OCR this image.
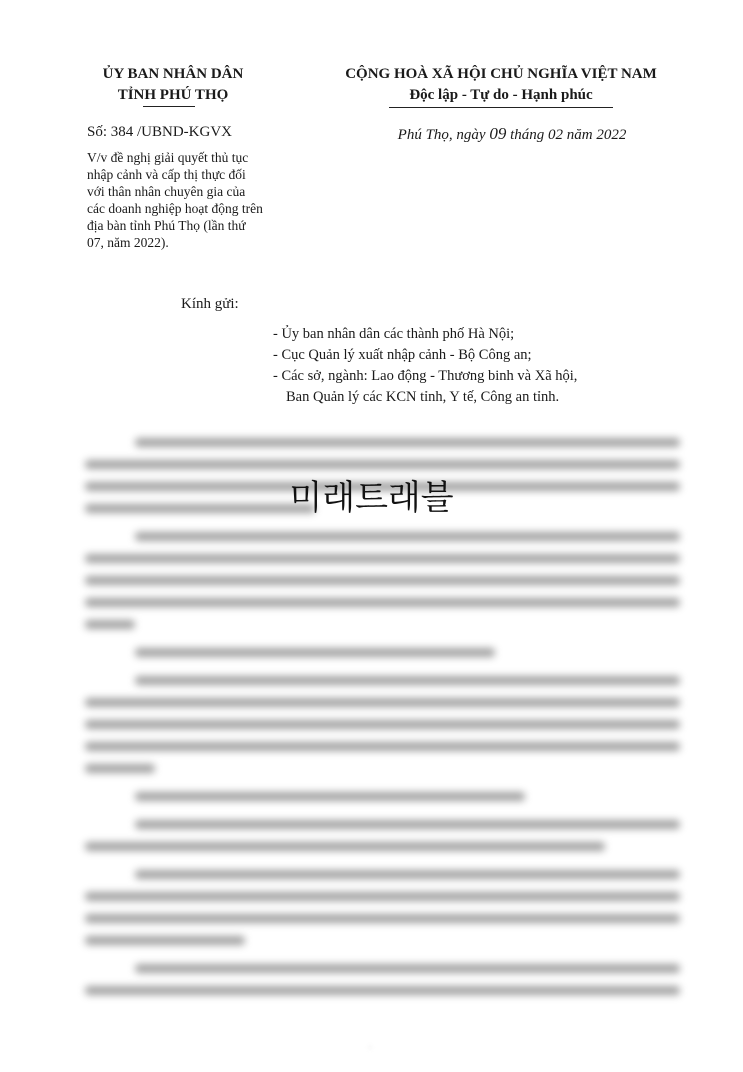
ỦY BAN NHÂN DÂN
TỈNH PHÚ THỌ
CỘNG HOÀ XÃ HỘI CHỦ NGHĨA VIỆT NAM
Độc lập - Tự do - Hạnh phúc
Số: 384 /UBND-KGVX	Phú Thọ, ngày 09 tháng 02 năm 2022
V/v đề nghị giải quyết thủ tục
nhập cảnh và cấp thị thực đối
với thân nhân chuyên gia của
các doanh nghiệp hoạt động trên
địa bàn tỉnh Phú Thọ (lần thứ
07, năm 2022).
Kính gửi:
- Ủy ban nhân dân các thành phố Hà Nội;
- Cục Quản lý xuất nhập cảnh - Bộ Công an;
- Các sở, ngành: Lao động - Thương binh và Xã hội,
Ban Quản lý các KCN tỉnh, Y tế, Công an tỉnh.
미래트래블
·
